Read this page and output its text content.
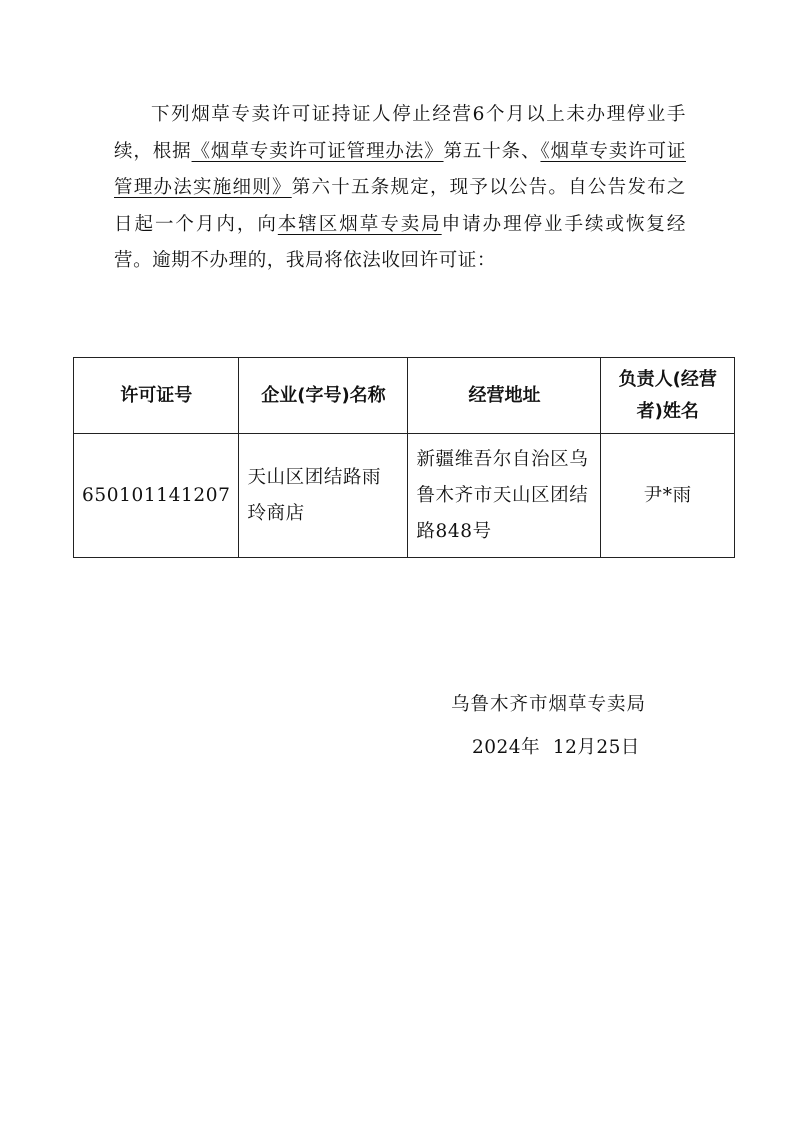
下列烟草专卖许可证持证人停止经营6个月以上未办理停业手续，根据《烟草专卖许可证管理办法》第五十条、《烟草专卖许可证管理办法实施细则》第六十五条规定，现予以公告。自公告发布之日起一个月内，向本辖区烟草专卖局申请办理停业手续或恢复经营。逾期不办理的，我局将依法收回许可证：

许可证号	企业(字号)名称	经营地址	负责人(经营者)姓名
650101141207	天山区团结路雨玲商店	新疆维吾尔自治区乌鲁木齐市天山区团结路848号	尹*雨
乌鲁木齐市烟草专卖局
2024年  12月25日
